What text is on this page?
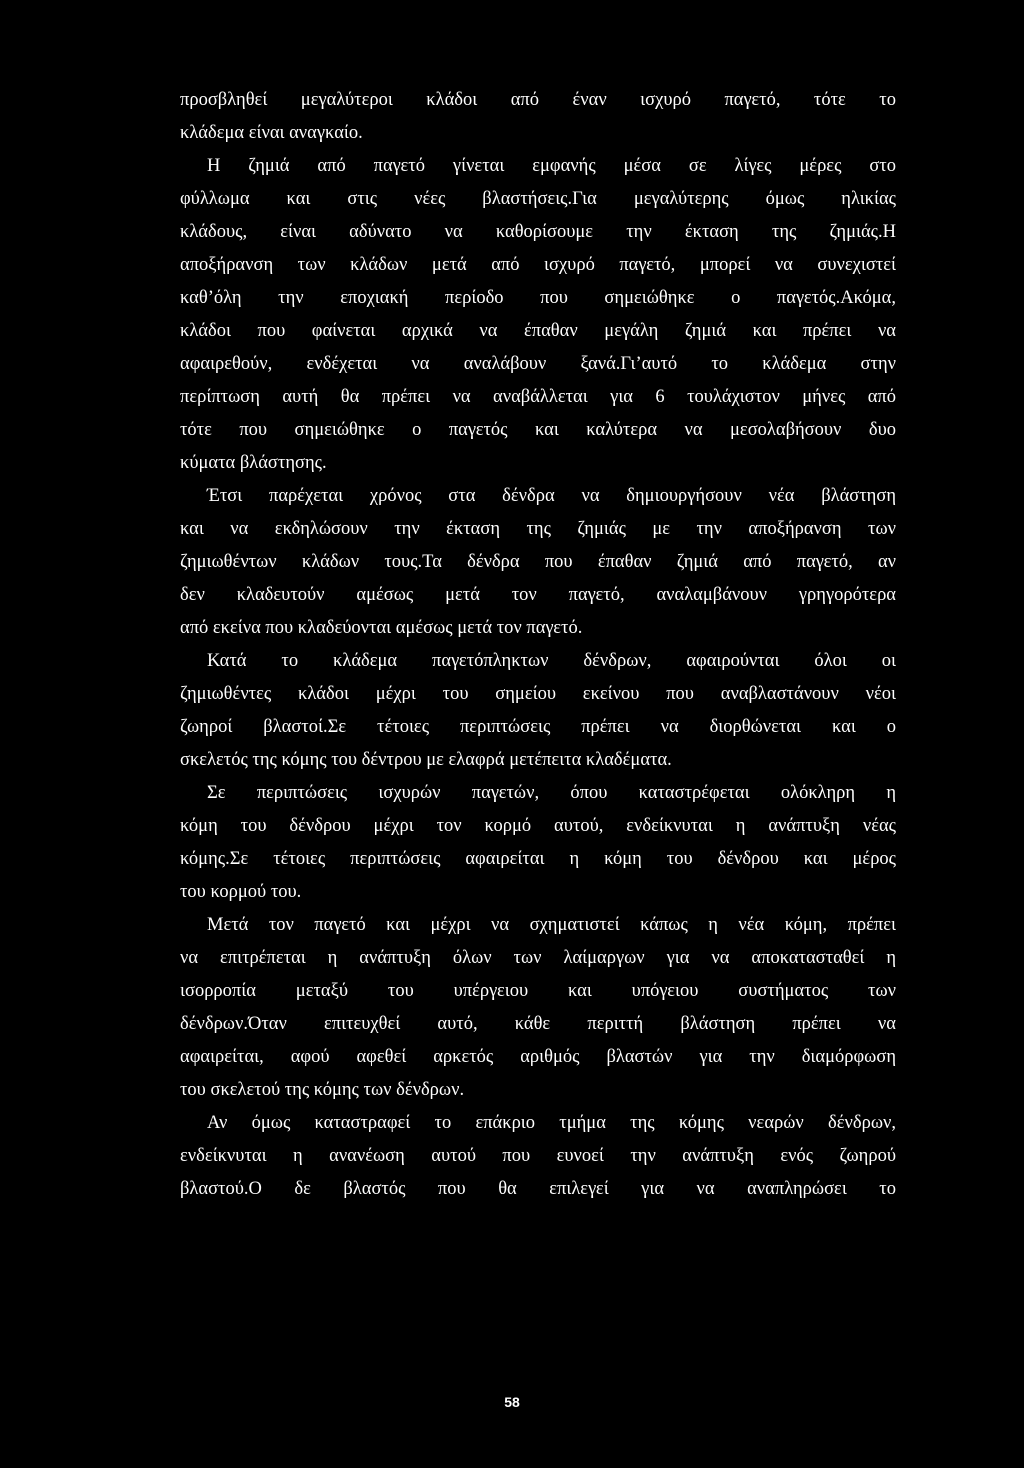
προσβληθεί μεγαλύτεροι κλάδοι από έναν ισχυρό παγετό, τότε το
κλάδεμα είναι αναγκαίο.
Η ζημιά από παγετό γίνεται εμφανής μέσα σε λίγες μέρες στο
φύλλωμα και στις νέες βλαστήσεις.Για μεγαλύτερης όμως ηλικίας
κλάδους, είναι αδύνατο να καθορίσουμε την έκταση της ζημιάς.Η
αποξήρανση των κλάδων μετά από ισχυρό παγετό, μπορεί να συνεχιστεί
καθ’όλη την εποχιακή περίοδο που σημειώθηκε ο παγετός.Ακόμα,
κλάδοι που φαίνεται αρχικά να έπαθαν μεγάλη ζημιά και πρέπει να
αφαιρεθούν, ενδέχεται να αναλάβουν ξανά.Γι’αυτό το κλάδεμα στην
περίπτωση αυτή θα πρέπει να αναβάλλεται για 6 τουλάχιστον μήνες από
τότε που σημειώθηκε ο παγετός και καλύτερα να μεσολαβήσουν δυο
κύματα βλάστησης.
Έτσι παρέχεται χρόνος στα δένδρα να δημιουργήσουν νέα βλάστηση
και να εκδηλώσουν την έκταση της ζημιάς με την αποξήρανση των
ζημιωθέντων κλάδων τους.Τα δένδρα που έπαθαν ζημιά από παγετό, αν
δεν κλαδευτούν αμέσως μετά τον παγετό, αναλαμβάνουν γρηγορότερα
από εκείνα που κλαδεύονται αμέσως μετά τον παγετό.
Κατά το κλάδεμα παγετόπληκτων δένδρων, αφαιρούνται όλοι οι
ζημιωθέντες κλάδοι μέχρι του σημείου εκείνου που αναβλαστάνουν νέοι
ζωηροί βλαστοί.Σε τέτοιες περιπτώσεις πρέπει να διορθώνεται και ο
σκελετός της κόμης του δέντρου με ελαφρά μετέπειτα κλαδέματα.
Σε περιπτώσεις ισχυρών παγετών, όπου καταστρέφεται ολόκληρη η
κόμη του δένδρου μέχρι τον κορμό αυτού, ενδείκνυται η ανάπτυξη νέας
κόμης.Σε τέτοιες περιπτώσεις αφαιρείται η κόμη του δένδρου και μέρος
του κορμού του.
Μετά τον παγετό και μέχρι να σχηματιστεί κάπως η νέα κόμη, πρέπει
να επιτρέπεται η ανάπτυξη όλων των λαίμαργων για να αποκατασταθεί η
ισορροπία μεταξύ του υπέργειου και υπόγειου συστήματος των
δένδρων.Όταν επιτευχθεί αυτό, κάθε περιττή βλάστηση πρέπει να
αφαιρείται, αφού αφεθεί αρκετός αριθμός βλαστών για την διαμόρφωση
του σκελετού της κόμης των δένδρων.
Αν όμως καταστραφεί το επάκριο τμήμα της κόμης νεαρών δένδρων,
ενδείκνυται η ανανέωση αυτού που ευνοεί την ανάπτυξη ενός ζωηρού
βλαστού.Ο δε βλαστός που θα επιλεγεί για να αναπληρώσει το
58
